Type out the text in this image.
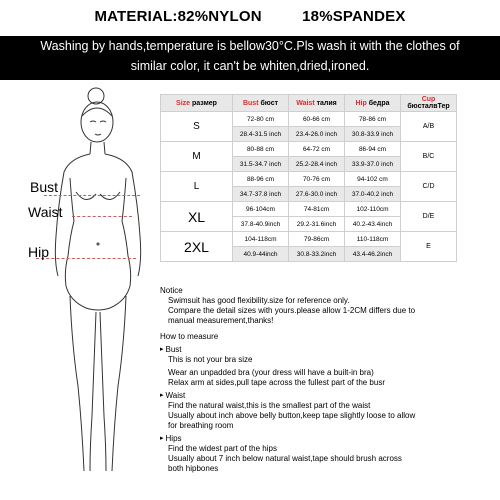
MATERIAL:82%NYLON	18%SPANDEX
Washing by hands,temperature is bellow30°C.Pls wash it with the clothes of
similar color, it can't be whiten,dried,ironed.
Bust
Waist
Hip
Size размер	Bust бюст	Waist талия	Hip бедра	Cup бюсталвТер
S	72-80 cm	60-66 cm	78-86 cm	A/B
	28.4-31.5 inch	23.4-26.0 inch	30.8-33.9 inch	
M	80-88 cm	64-72 cm	86-94 cm	B/C
	31.5-34.7 inch	25.2-28.4 inch	33.9-37.0 inch	
L	88-96 cm	70-76 cm	94-102 cm	C/D
	34.7-37.8 inch	27.6-30.0 inch	37.0-40.2 inch	
XL	96-104cm	74-81cm	102-110cm	D/E
	37.8-40.9inch	29.2-31.6inch	40.2-43.4inch	
2XL	104-118cm	79-86cm	110-118cm	E
	40.9-44inch	30.8-33.2inch	43.4-46.2inch	
Notice
Swimsuit has good flexibility.size for reference only.
Compare the detail sizes with yours.please allow 1-2CM differs due to
manual measurement,thanks!
How to measure
▸ Bust
This is not your bra size
Wear an unpadded bra (your dress will have a built-in bra)
Relax arm at sides,pull tape across the fullest part of the busr
▸ Waist
Find the natural waist,this is the smallest part of the waist
Usually about inch above belly button,keep tape slightly loose to allow
for breathing room
▸ Hips
Find the widest part of the hips
Usually about 7 inch below natural waist,tape should brush across
both hipbones
